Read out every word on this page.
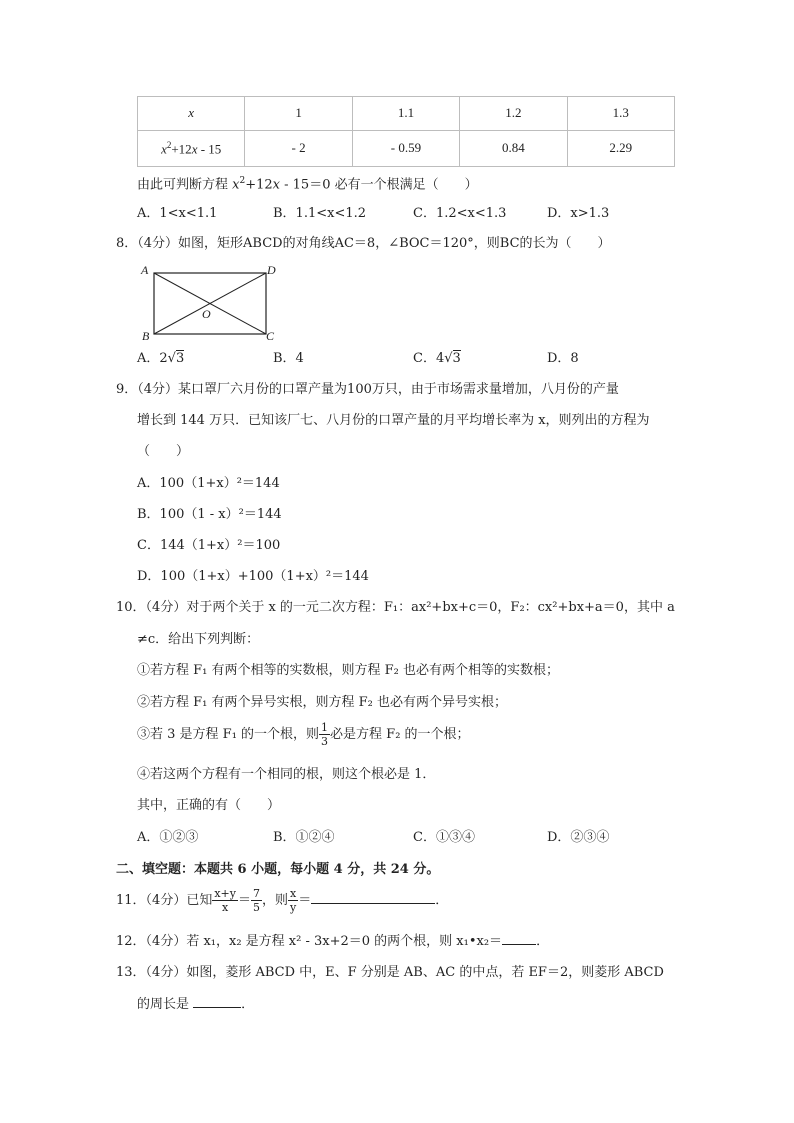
x	1	1.1	1.2	1.3
$x^2+12x - 15$	- 2	- 0.59	0.84	2.29
由此可判断方程 $x^2+12x - 15=0$ 必有一个根满足（　　）
A．1<x<1.1	B．1.1<x<1.2	C．1.2<x<1.3	D．x>1.3
8．（4分）如图，矩形ABCD的对角线AC＝8，∠BOC＝120°，则BC的长为（　　）
A	D
B	C
O
A．2√3	B．4	C．4√3	D．8
9．（4分）某口罩厂六月份的口罩产量为100万只，由于市场需求量增加，八月份的产量
增长到 144 万只．已知该厂七、八月份的口罩产量的月平均增长率为 x，则列出的方程为
（　　）
A．100（1+x）²＝144
B．100（1 - x）²＝144
C．144（1+x）²＝100
D．100（1+x）+100（1+x）²＝144
10．（4分）对于两个关于 x 的一元二次方程：F₁：ax²+bx+c＝0，F₂：cx²+bx+a＝0，其中 a
≠c．给出下列判断：
①若方程 F₁ 有两个相等的实数根，则方程 F₂ 也必有两个相等的实数根；
②若方程 F₁ 有两个异号实根，则方程 F₂ 也必有两个异号实根；
③若 3 是方程 F₁ 的一个根，则 $\frac{1}{3}$ 必是方程 F₂ 的一个根；
④若这两个方程有一个相同的根，则这个根必是 1．
其中，正确的有（　　）
A．①②③	B．①②④	C．①③④	D．②③④
二、填空题：本题共 6 小题，每小题 4 分，共 24 分。
11．（4分）已知 $\frac{x+y}{x} = \frac{7}{5}$ ，则 $\frac{x}{y}$ ＝	．
12．（4分）若 x₁，x₂ 是方程 x² - 3x+2＝0 的两个根，则 x₁•x₂＝	．
13．（4分）如图，菱形 ABCD 中，E、F 分别是 AB、AC 的中点，若 EF＝2，则菱形 ABCD
的周长是	．
